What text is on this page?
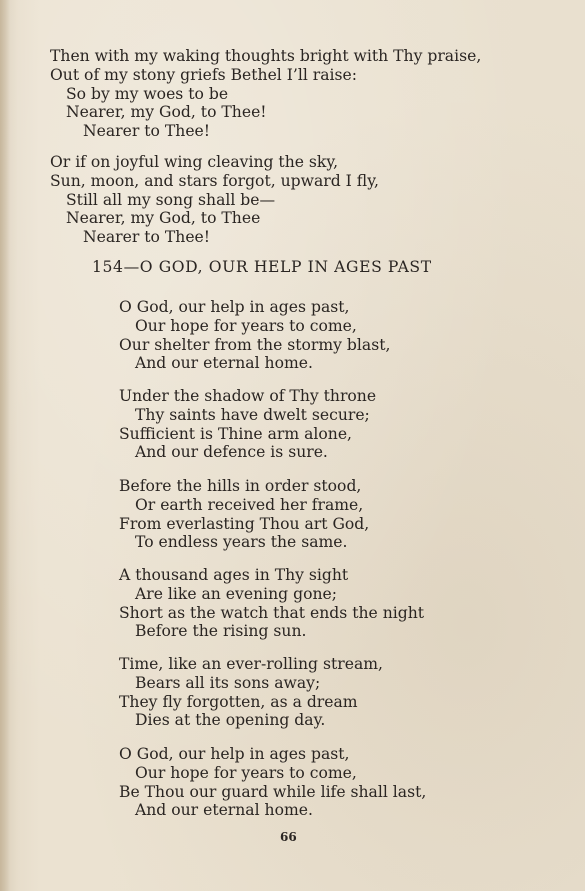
Then with my waking thoughts bright with Thy praise,
Out of my stony griefs Bethel I’ll raise:
So by my woes to be
Nearer, my God, to Thee!
Nearer to Thee!
Or if on joyful wing cleaving the sky,
Sun, moon, and stars forgot, upward I fly,
Still all my song shall be—
Nearer, my God, to Thee
Nearer to Thee!
154—O GOD, OUR HELP IN AGES PAST
O God, our help in ages past,
Our hope for years to come,
Our shelter from the stormy blast,
And our eternal home.
Under the shadow of Thy throne
Thy saints have dwelt secure;
Sufficient is Thine arm alone,
And our defence is sure.
Before the hills in order stood,
Or earth received her frame,
From everlasting Thou art God,
To endless years the same.
A thousand ages in Thy sight
Are like an evening gone;
Short as the watch that ends the night
Before the rising sun.
Time, like an ever-rolling stream,
Bears all its sons away;
They fly forgotten, as a dream
Dies at the opening day.
O God, our help in ages past,
Our hope for years to come,
Be Thou our guard while life shall last,
And our eternal home.
66
